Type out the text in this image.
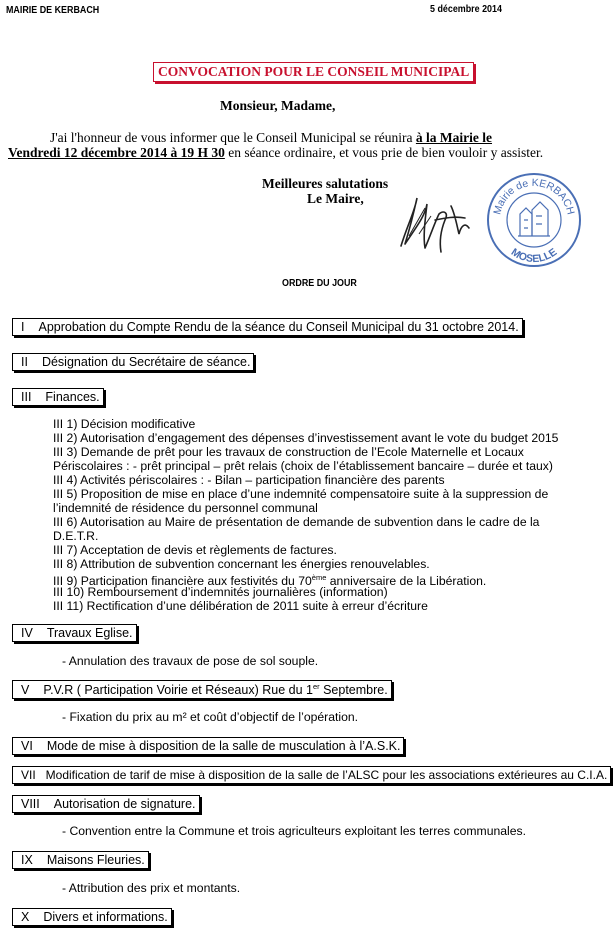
MAIRIE DE KERBACH	5 décembre 2014
CONVOCATION POUR LE CONSEIL MUNICIPAL
Monsieur, Madame,
J'ai l'honneur de vous informer que le Conseil Municipal se réunira à la Mairie le
Vendredi 12 décembre 2014 à 19 H 30 en séance ordinaire, et vous prie de bien vouloir y assister.
Meilleures salutations
Le Maire,
Mairie de KERBACH
MOSELLE
ORDRE DU JOUR
I Approbation du Compte Rendu de la séance du Conseil Municipal du 31 octobre 2014.
II Désignation du Secrétaire de séance.
III Finances.
III 1) Décision modificative
III 2) Autorisation d’engagement des dépenses d’investissement avant le vote du budget 2015
III 3) Demande de prêt pour les travaux de construction de l’Ecole Maternelle et Locaux
Périscolaires : - prêt principal – prêt relais (choix de l’établissement bancaire – durée et taux)
III 4) Activités périscolaires : - Bilan – participation financière des parents
III 5) Proposition de mise en place d’une indemnité compensatoire suite à la suppression de
l’indemnité de résidence du personnel communal
III 6) Autorisation au Maire de présentation de demande de subvention dans le cadre de la
D.E.T.R.
III 7) Acceptation de devis et règlements de factures.
III 8) Attribution de subvention concernant les énergies renouvelables.
III 9) Participation financière aux festivités du 70ème anniversaire de la Libération.
III 10) Remboursement d’indemnités journalières (information)
III 11) Rectification d’une délibération de 2011 suite à erreur d’écriture
IV Travaux Eglise.
- Annulation des travaux de pose de sol souple.
V P.V.R ( Participation Voirie et Réseaux) Rue du 1er Septembre.
- Fixation du prix au m² et coût d’objectif de l’opération.
VI Mode de mise à disposition de la salle de musculation à l’A.S.K.
VII Modification de tarif de mise à disposition de la salle de l’ALSC pour les associations extérieures au C.I.A.
VIII Autorisation de signature.
- Convention entre la Commune et trois agriculteurs exploitant les terres communales.
IX Maisons Fleuries.
- Attribution des prix et montants.
X Divers et informations.
